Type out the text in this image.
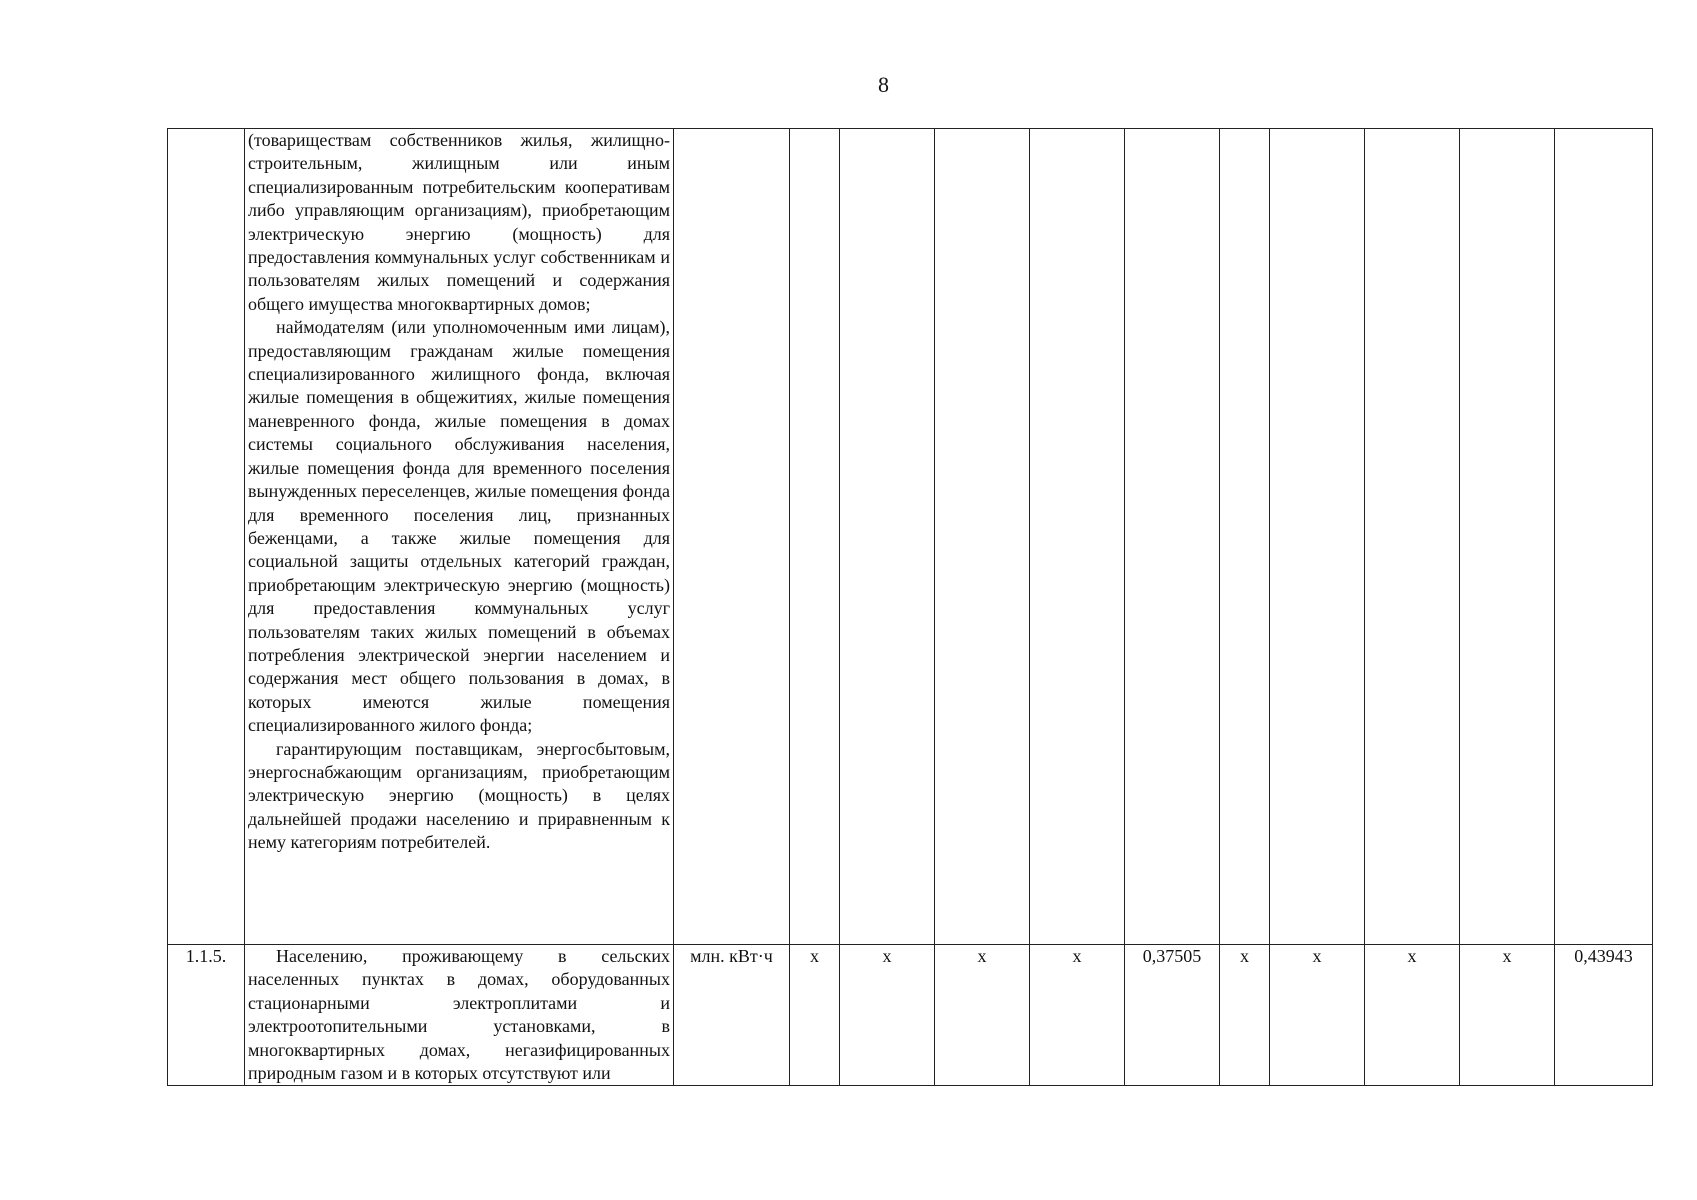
8

	(товариществам собственников жилья, жилищно-строительным, жилищным или иным специализированным потребительским кооперативам либо управляющим организациям), приобретающим электрическую энергию (мощность) для предоставления коммунальных услуг собственникам и пользователям жилых помещений и содержания общего имущества многоквартирных домов;

наймодателям (или уполномоченным ими лицам), предоставляющим гражданам жилые помещения специализированного жилищного фонда, включая жилые помещения в общежитиях, жилые помещения маневренного фонда, жилые помещения в домах системы социального обслуживания населения, жилые помещения фонда для временного поселения вынужденных переселенцев, жилые помещения фонда для временного поселения лиц, признанных беженцами, а также жилые помещения для социальной защиты отдельных категорий граждан, приобретающим электрическую энергию (мощность) для предоставления коммунальных услуг пользователям таких жилых помещений в объемах потребления электрической энергии населением и содержания мест общего пользования в домах, в которых имеются жилые помещения специализированного жилого фонда;

гарантирующим поставщикам, энергосбытовым, энергоснабжающим организациям, приобретающим электрическую энергию (мощность) в целях дальнейшей продажи населению и приравненным к нему категориям потребителей.											

1.1.5.	Населению, проживающему в сельских населенных пунктах в домах, оборудованных стационарными электроплитами и электроотопительными установками, в многоквартирных домах, негазифицированных природным газом и в которых отсутствуют или	млн. кВт·ч	х	х	х	х	0,37505	х	х	х	х	0,43943
